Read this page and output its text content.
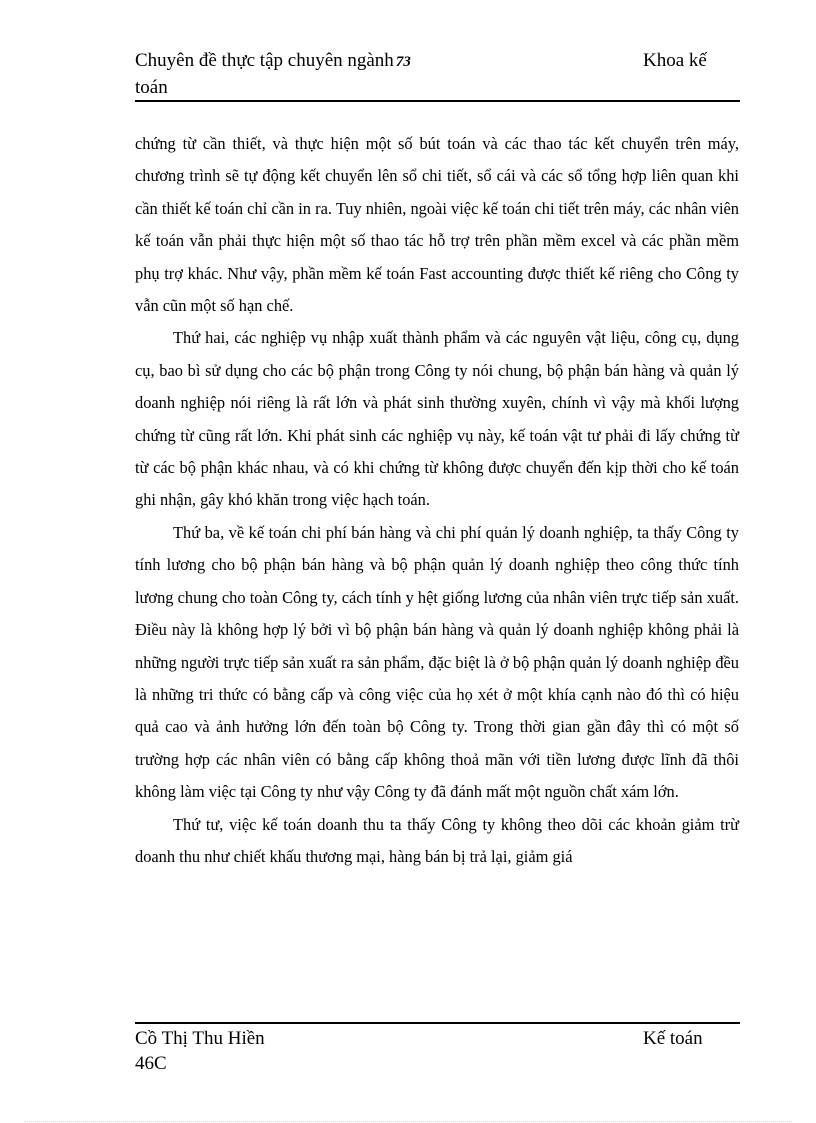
Chuyên đề thực tập chuyên ngành 73
toán
Khoa kế

chứng từ cần thiết, và thực hiện một số bút toán và các thao tác kết chuyển trên máy, chương trình sẽ tự động kết chuyển lên sổ chi tiết, sổ cái và các sổ tổng hợp liên quan khi cần thiết kế toán chỉ cần in ra. Tuy nhiên, ngoài việc kế toán chi tiết trên máy, các nhân viên kế toán vẫn phải thực hiện một số thao tác hỗ trợ trên phần mềm excel và các phần mềm phụ trợ khác. Như vậy, phần mềm kế toán Fast accounting được thiết kế riêng cho Công ty vẫn cũn một số hạn chế.

Thứ hai, các nghiệp vụ nhập xuất thành phẩm và các nguyên vật liệu, công cụ, dụng cụ, bao bì sử dụng cho các bộ phận trong Công ty nói chung, bộ phận bán hàng và quản lý doanh nghiệp nói riêng là rất lớn và phát sinh thường xuyên, chính vì vậy mà khối lượng chứng từ cũng rất lớn. Khi phát sinh các nghiệp vụ này, kế toán vật tư phải đi lấy chứng từ từ các bộ phận khác nhau, và có khi chứng từ không được chuyển đến kịp thời cho kế toán ghi nhận, gây khó khăn trong việc hạch toán.

Thứ ba, về kế toán chi phí bán hàng và chi phí quản lý doanh nghiệp, ta thấy Công ty tính lương cho bộ phận bán hàng và bộ phận quản lý doanh nghiệp theo công thức tính lương chung cho toàn Công ty, cách tính y hệt giống lương của nhân viên trực tiếp sản xuất. Điều này là không hợp lý bởi vì bộ phận bán hàng và quản lý doanh nghiệp không phải là những người trực tiếp sản xuất ra sản phẩm, đặc biệt là ở bộ phận quản lý doanh nghiệp đều là những tri thức có bằng cấp và công việc của họ xét ở một khía cạnh nào đó thì có hiệu quả cao và ảnh hưởng lớn đến toàn bộ Công ty. Trong thời gian gần đây thì có một số trường hợp các nhân viên có bằng cấp không thoả mãn với tiền lương được lĩnh đã thôi không làm việc tại Công ty như vậy Công ty đã đánh mất một nguồn chất xám lớn.

Thứ tư, việc kế toán doanh thu ta thấy Công ty không theo dõi các khoản giảm trừ doanh thu như chiết khấu thương mại, hàng bán bị trả lại, giảm giá

Cồ Thị Thu Hiền
46C
Kế toán
